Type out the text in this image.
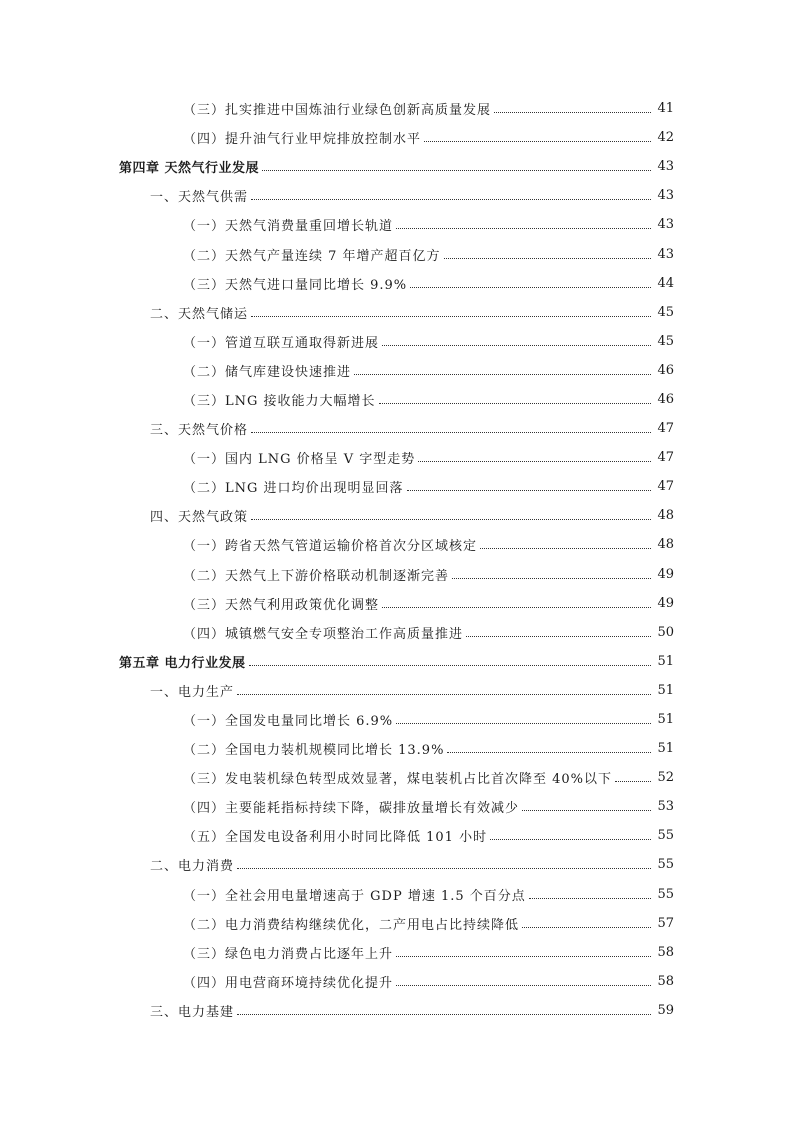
（三）扎实推进中国炼油行业绿色创新高质量发展	41
（四）提升油气行业甲烷排放控制水平	42
第四章 天然气行业发展	43
一、天然气供需	43
（一）天然气消费量重回增长轨道	43
（二）天然气产量连续 7 年增产超百亿方	43
（三）天然气进口量同比增长 9.9%	44
二、天然气储运	45
（一）管道互联互通取得新进展	45
（二）储气库建设快速推进	46
（三）LNG 接收能力大幅增长	46
三、天然气价格	47
（一）国内 LNG 价格呈 V 字型走势	47
（二）LNG 进口均价出现明显回落	47
四、天然气政策	48
（一）跨省天然气管道运输价格首次分区域核定	48
（二）天然气上下游价格联动机制逐渐完善	49
（三）天然气利用政策优化调整	49
（四）城镇燃气安全专项整治工作高质量推进	50
第五章 电力行业发展	51
一、电力生产	51
（一）全国发电量同比增长 6.9%	51
（二）全国电力装机规模同比增长 13.9%	51
（三）发电装机绿色转型成效显著，煤电装机占比首次降至 40%以下	52
（四）主要能耗指标持续下降，碳排放量增长有效减少	53
（五）全国发电设备利用小时同比降低 101 小时	55
二、电力消费	55
（一）全社会用电量增速高于 GDP 增速 1.5 个百分点	55
（二）电力消费结构继续优化，二产用电占比持续降低	57
（三）绿色电力消费占比逐年上升	58
（四）用电营商环境持续优化提升	58
三、电力基建	59
